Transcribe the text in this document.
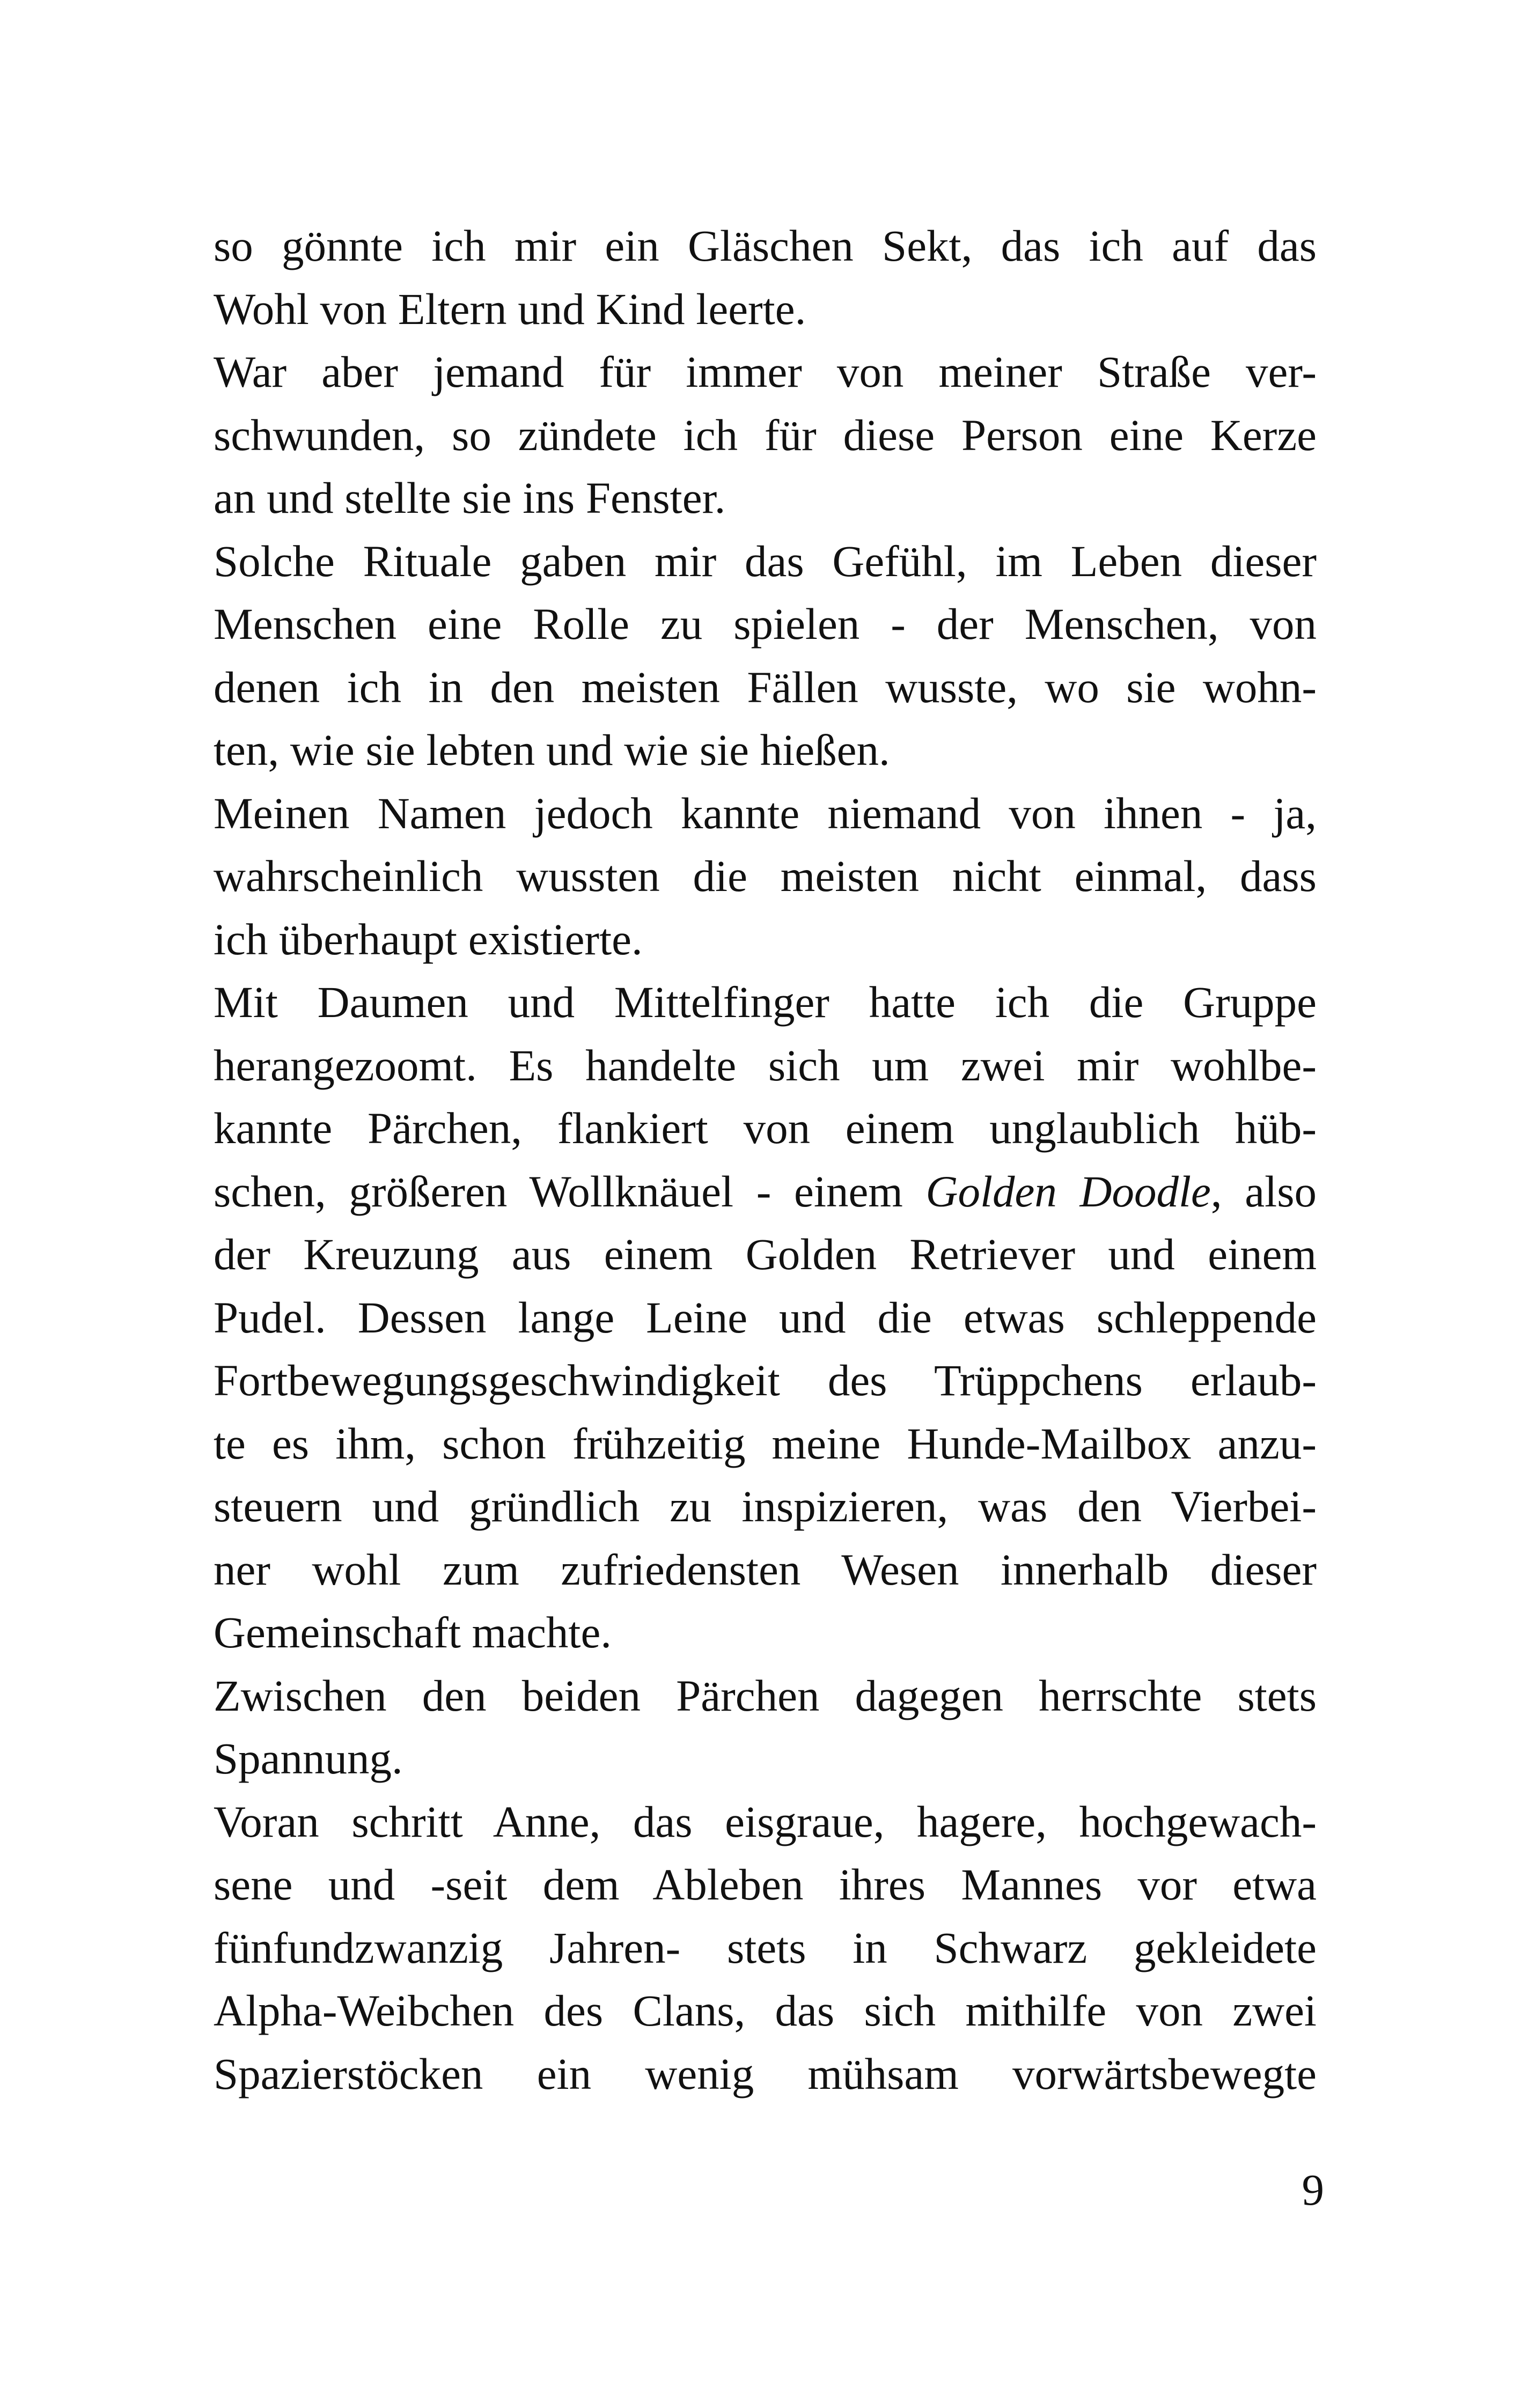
so gönnte ich mir ein Gläschen Sekt, das ich auf das
Wohl von Eltern und Kind leerte.
War aber jemand für immer von meiner Straße ver-
schwunden, so zündete ich für diese Person eine Kerze
an und stellte sie ins Fenster.
Solche Rituale gaben mir das Gefühl, im Leben dieser
Menschen eine Rolle zu spielen - der Menschen, von
denen ich in den meisten Fällen wusste, wo sie wohn-
ten, wie sie lebten und wie sie hießen.
Meinen Namen jedoch kannte niemand von ihnen - ja,
wahrscheinlich wussten die meisten nicht einmal, dass
ich überhaupt existierte.
Mit Daumen und Mittelfinger hatte ich die Gruppe
herangezoomt. Es handelte sich um zwei mir wohlbe-
kannte Pärchen, flankiert von einem unglaublich hüb-
schen, größeren Wollknäuel - einem Golden Doodle, also
der Kreuzung aus einem Golden Retriever und einem
Pudel. Dessen lange Leine und die etwas schleppende
Fortbewegungsgeschwindigkeit des Trüppchens erlaub-
te es ihm, schon frühzeitig meine Hunde-Mailbox anzu-
steuern und gründlich zu inspizieren, was den Vierbei-
ner wohl zum zufriedensten Wesen innerhalb dieser
Gemeinschaft machte.
Zwischen den beiden Pärchen dagegen herrschte stets
Spannung.
Voran schritt Anne, das eisgraue, hagere, hochgewach-
sene und -seit dem Ableben ihres Mannes vor etwa
fünfundzwanzig Jahren- stets in Schwarz gekleidete
Alpha-Weibchen des Clans, das sich mithilfe von zwei
Spazierstöcken ein wenig mühsam vorwärtsbewegte
9
